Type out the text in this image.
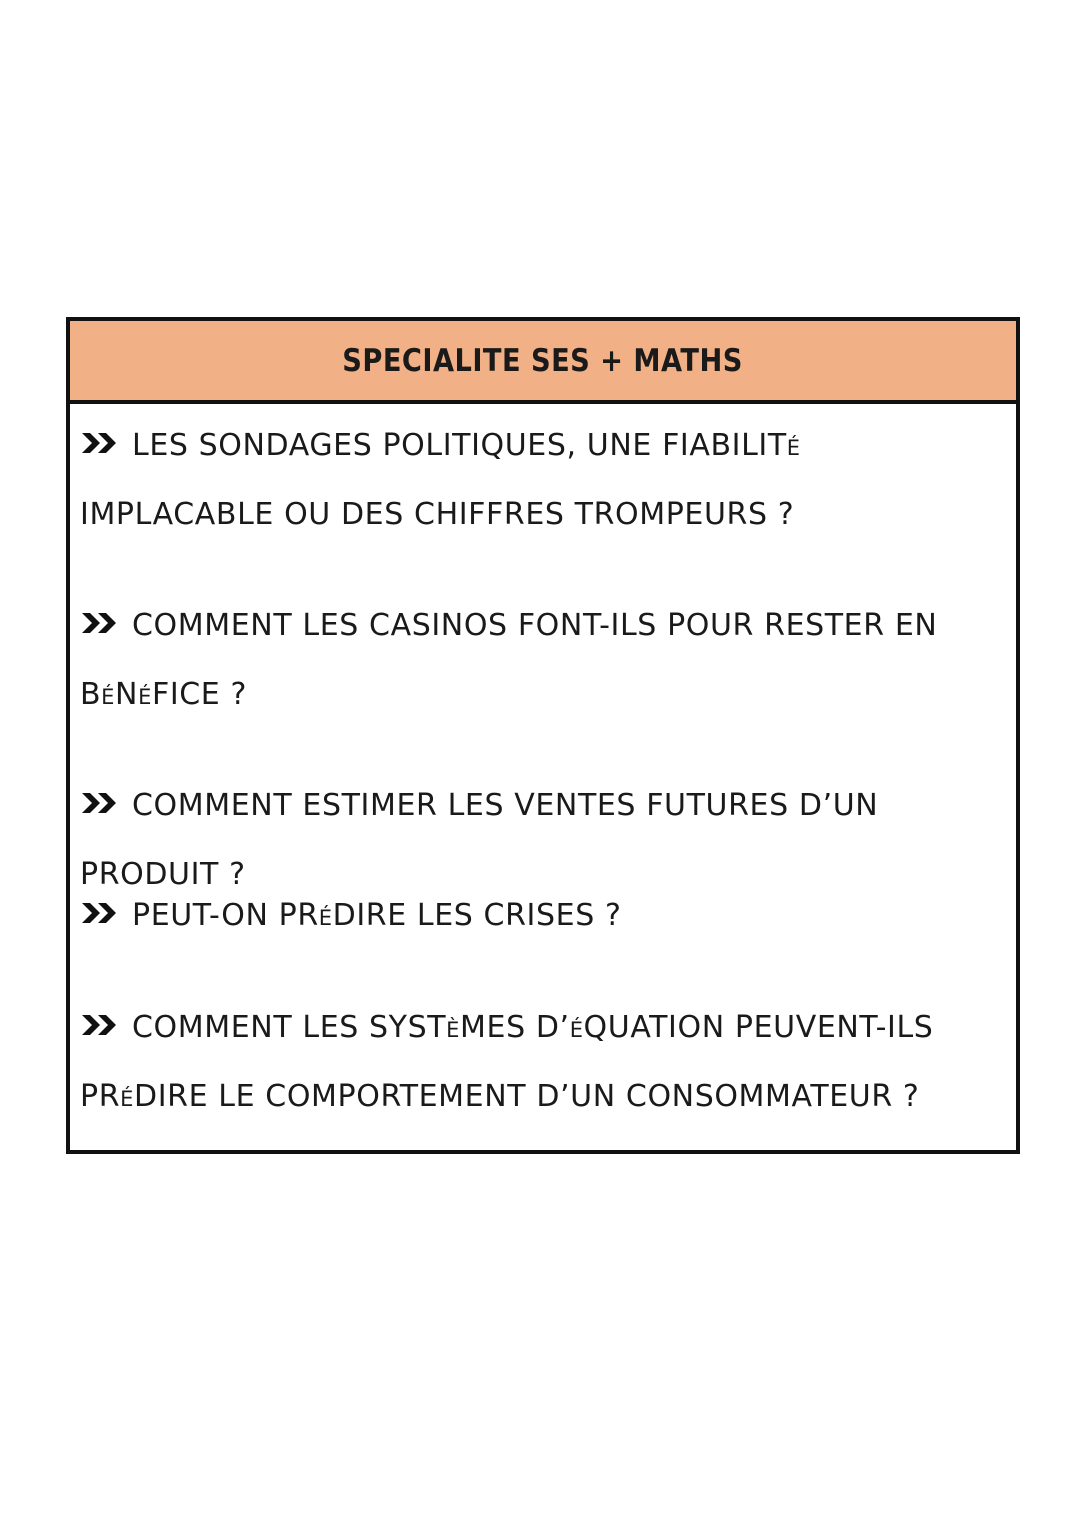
SPECIALITE SES + MATHS
LES SONDAGES POLITIQUES, UNE FIABILITé IMPLACABLE OU DES CHIFFRES TROMPEURS ?
COMMENT LES CASINOS FONT-ILS POUR RESTER EN BéNéFICE ?
COMMENT ESTIMER LES VENTES FUTURES D’UN PRODUIT ?
PEUT-ON PRéDIRE LES CRISES ?
COMMENT LES SYSTèMES D’éQUATION PEUVENT-ILS PRéDIRE LE COMPORTEMENT D’UN CONSOMMATEUR ?
